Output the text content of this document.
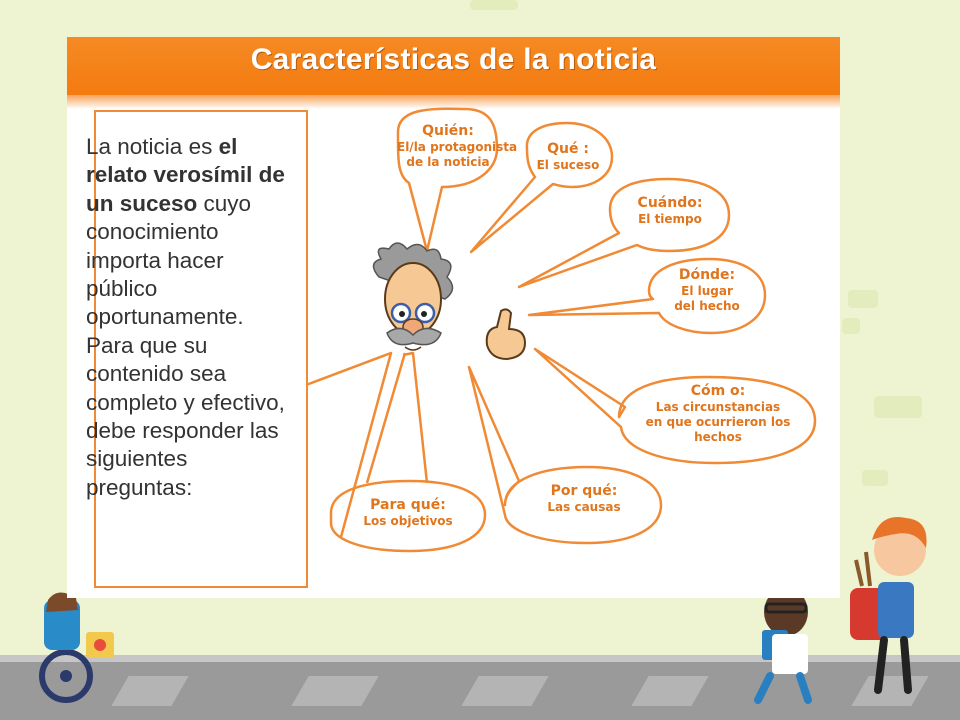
Características de la noticia
La noticia es el relato verosímil de un suceso cuyo conocimiento importa hacer público oportunamente. Para que su contenido sea completo y efectivo, debe responder las siguientes preguntas:
Quién:
El/la protagonista
de la noticia
Qué :
El suceso
Cuándo:
El tiempo
Dónde:
El lugar
del hecho
Cóm o:
Las circunstancias
en que ocurrieron los
hechos
Por qué:
Las causas
Para qué:
Los objetivos
